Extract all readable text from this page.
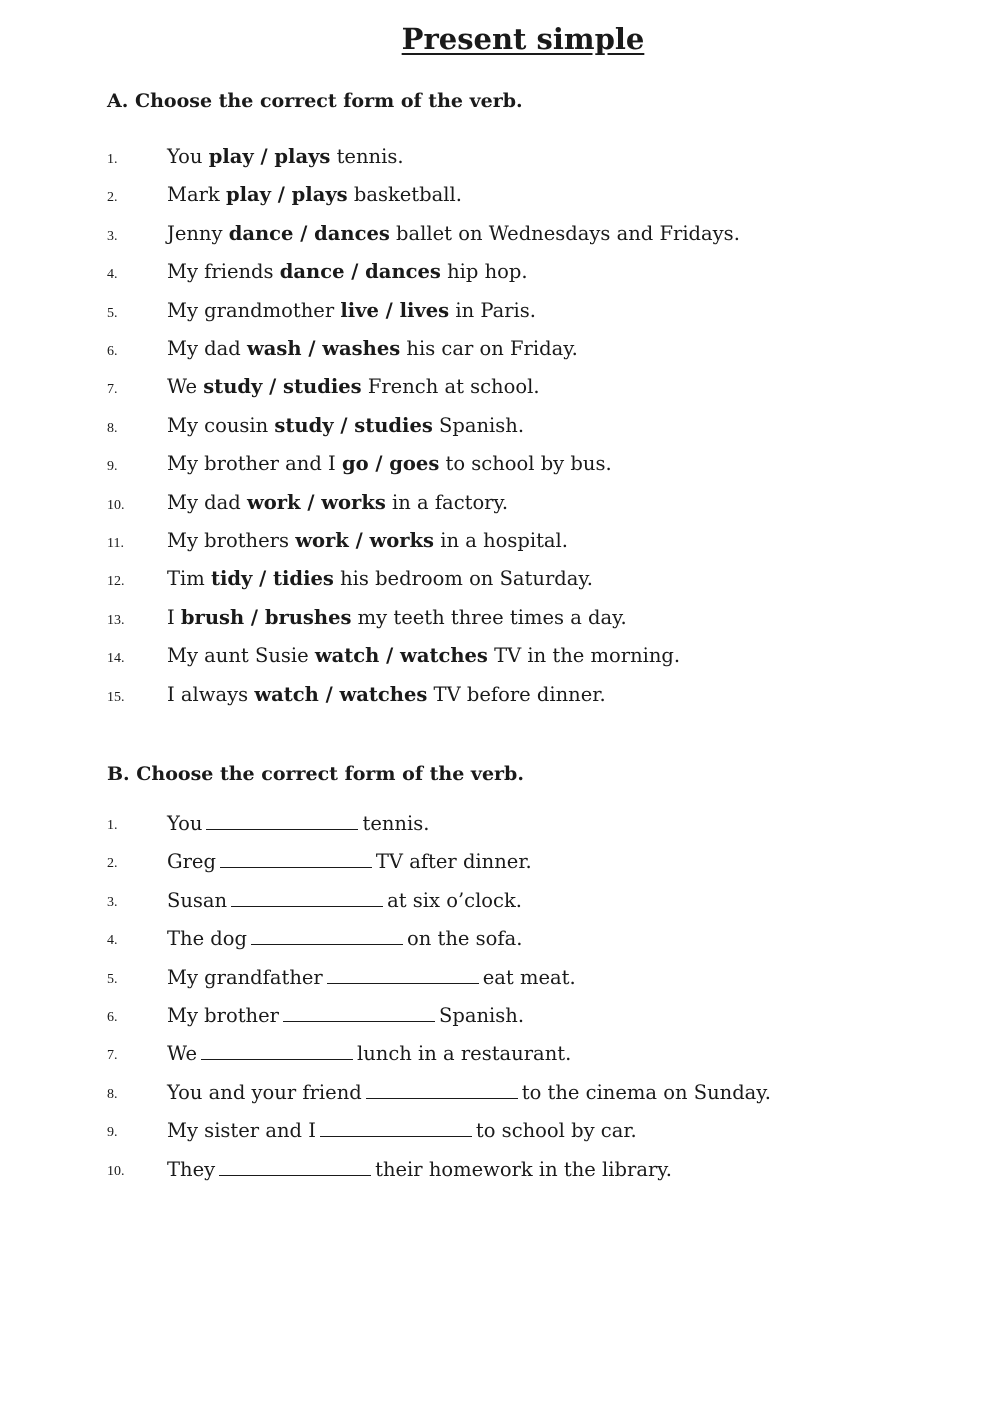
Present simple
A. Choose the correct form of the verb.
1.	You play / plays tennis.
2.	Mark play / plays basketball.
3.	Jenny dance / dances ballet on Wednesdays and Fridays.
4.	My friends dance / dances hip hop.
5.	My grandmother live / lives in Paris.
6.	My dad wash / washes his car on Friday.
7.	We study / studies French at school.
8.	My cousin study / studies Spanish.
9.	My brother and I go / goes to school by bus.
10. My dad work / works in a factory.
11. My brothers work / works in a hospital.
12. Tim tidy / tidies his bedroom on Saturday.
13. I brush / brushes my teeth three times a day.
14. My aunt Susie watch / watches TV in the morning.
15. I always watch / watches TV before dinner.
B. Choose the correct form of the verb.
1.	You	tennis.
2.	Greg	TV after dinner.
3.	Susan	at six o’clock.
4.	The dog	on the sofa.
5.	My grandfather	eat meat.
6.	My brother	Spanish.
7.	We	lunch in a restaurant.
8.	You and your friend	to the cinema on Sunday.
9.	My sister and I	to school by car.
10. They	their homework in the library.
